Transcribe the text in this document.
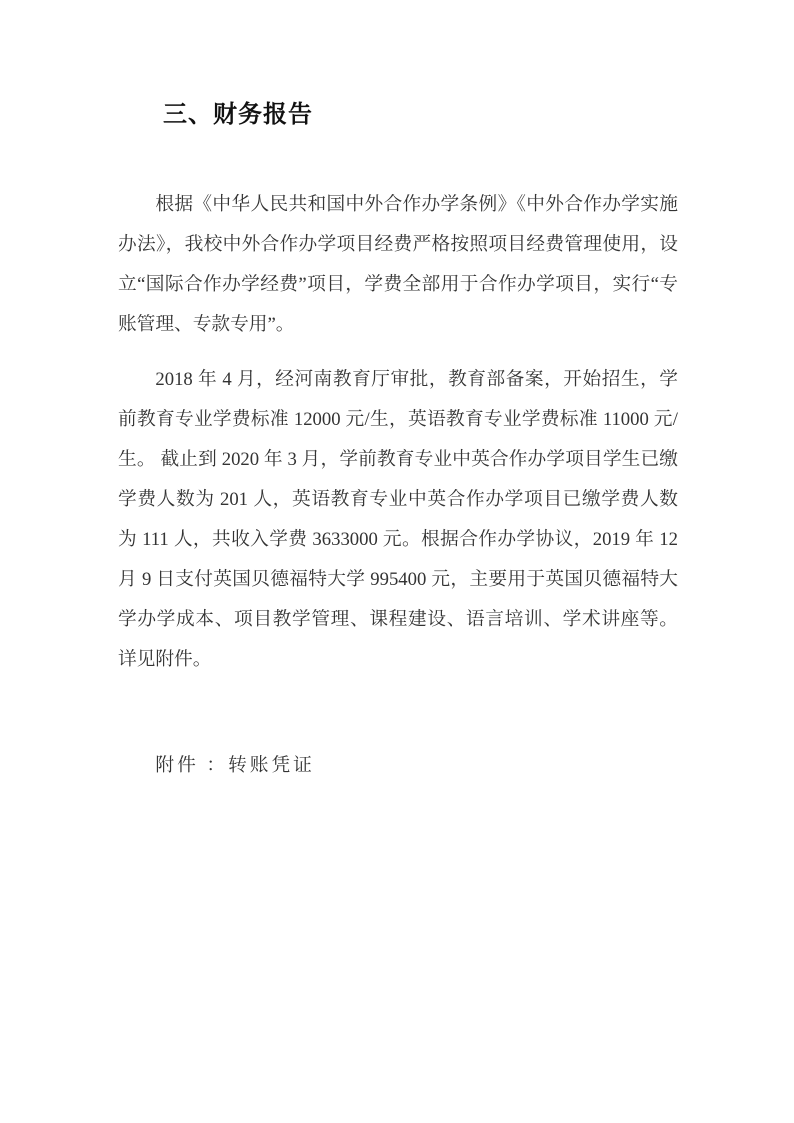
三、财务报告

根据《中华人民共和国中外合作办学条例》《中外合作办学实施办法》，我校中外合作办学项目经费严格按照项目经费管理使用，设立“国际合作办学经费”项目，学费全部用于合作办学项目，实行“专账管理、专款专用”。

2018 年 4 月，经河南教育厅审批，教育部备案，开始招生，学前教育专业学费标准 12000 元/生，英语教育专业学费标准 11000 元/生。 截止到 2020 年 3 月，学前教育专业中英合作办学项目学生已缴学费人数为 201 人，英语教育专业中英合作办学项目已缴学费人数为 111 人，共收入学费 3633000 元。根据合作办学协议，2019 年 12 月 9 日支付英国贝德福特大学 995400 元，主要用于英国贝德福特大学办学成本、项目教学管理、课程建设、语言培训、学术讲座等。详见附件。

附件 ：转账凭证
